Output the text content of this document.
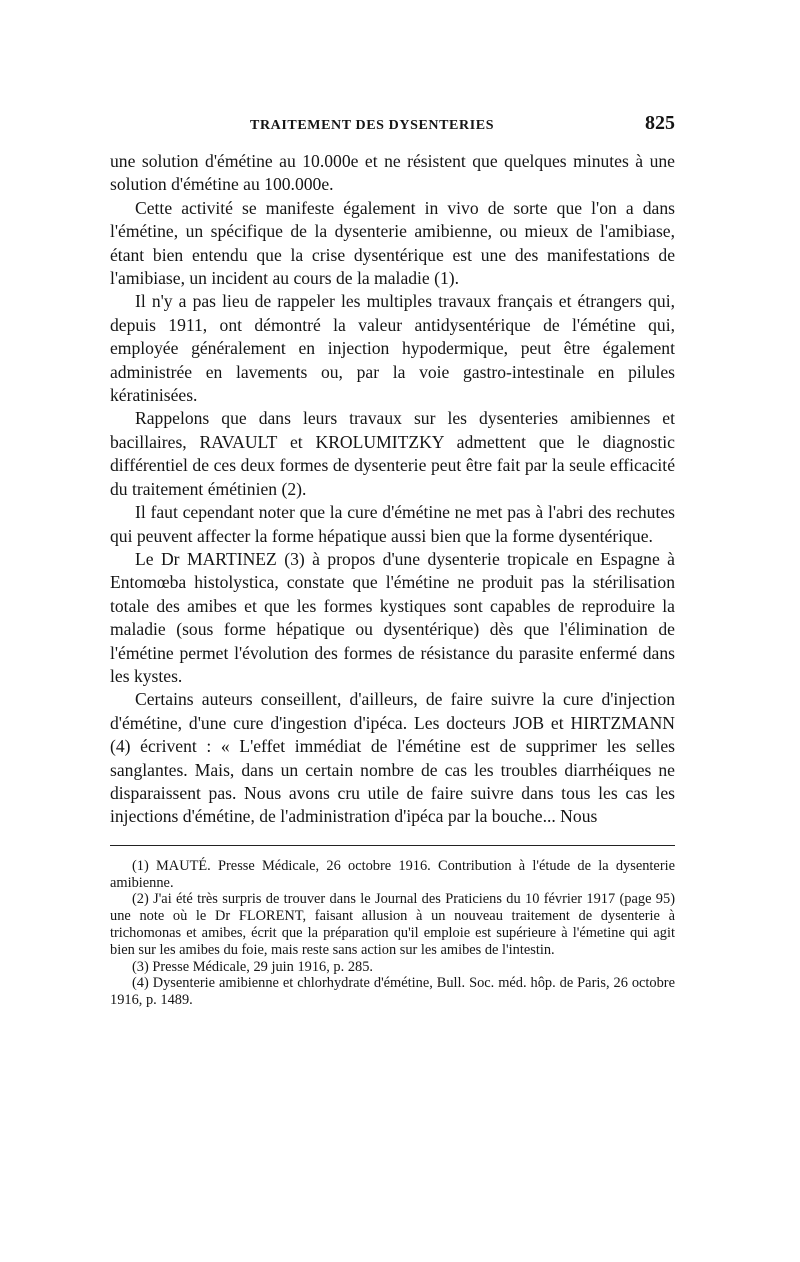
TRAITEMENT DES DYSENTERIES	825

une solution d'émétine au 10.000e et ne résistent que quelques minutes à une solution d'émétine au 100.000e.

Cette activité se manifeste également in vivo de sorte que l'on a dans l'émétine, un spécifique de la dysenterie amibienne, ou mieux de l'amibiase, étant bien entendu que la crise dysentérique est une des manifestations de l'amibiase, un incident au cours de la maladie (1).

Il n'y a pas lieu de rappeler les multiples travaux français et étrangers qui, depuis 1911, ont démontré la valeur antidysentérique de l'émétine qui, employée généralement en injection hypodermique, peut être également administrée en lavements ou, par la voie gastro-intestinale en pilules kératinisées.

Rappelons que dans leurs travaux sur les dysenteries amibiennes et bacillaires, RAVAULT et KROLUMITZKY admettent que le diagnostic différentiel de ces deux formes de dysenterie peut être fait par la seule efficacité du traitement émétinien (2).

Il faut cependant noter que la cure d'émétine ne met pas à l'abri des rechutes qui peuvent affecter la forme hépatique aussi bien que la forme dysentérique.

Le Dr MARTINEZ (3) à propos d'une dysenterie tropicale en Espagne à Entomœba histolystica, constate que l'émétine ne produit pas la stérilisation totale des amibes et que les formes kystiques sont capables de reproduire la maladie (sous forme hépatique ou dysentérique) dès que l'élimination de l'émétine permet l'évolution des formes de résistance du parasite enfermé dans les kystes.

Certains auteurs conseillent, d'ailleurs, de faire suivre la cure d'injection d'émétine, d'une cure d'ingestion d'ipéca. Les docteurs JOB et HIRTZMANN (4) écrivent : « L'effet immédiat de l'émétine est de supprimer les selles sanglantes. Mais, dans un certain nombre de cas les troubles diarrhéiques ne disparaissent pas. Nous avons cru utile de faire suivre dans tous les cas les injections d'émétine, de l'administration d'ipéca par la bouche... Nous

(1) MAUTÉ. Presse Médicale, 26 octobre 1916. Contribution à l'étude de la dysenterie amibienne.

(2) J'ai été très surpris de trouver dans le Journal des Praticiens du 10 février 1917 (page 95) une note où le Dr FLORENT, faisant allusion à un nouveau traitement de dysenterie à trichomonas et amibes, écrit que la préparation qu'il emploie est supérieure à l'émetine qui agit bien sur les amibes du foie, mais reste sans action sur les amibes de l'intestin.

(3) Presse Médicale, 29 juin 1916, p. 285.

(4) Dysenterie amibienne et chlorhydrate d'émétine, Bull. Soc. méd. hôp. de Paris, 26 octobre 1916, p. 1489.
